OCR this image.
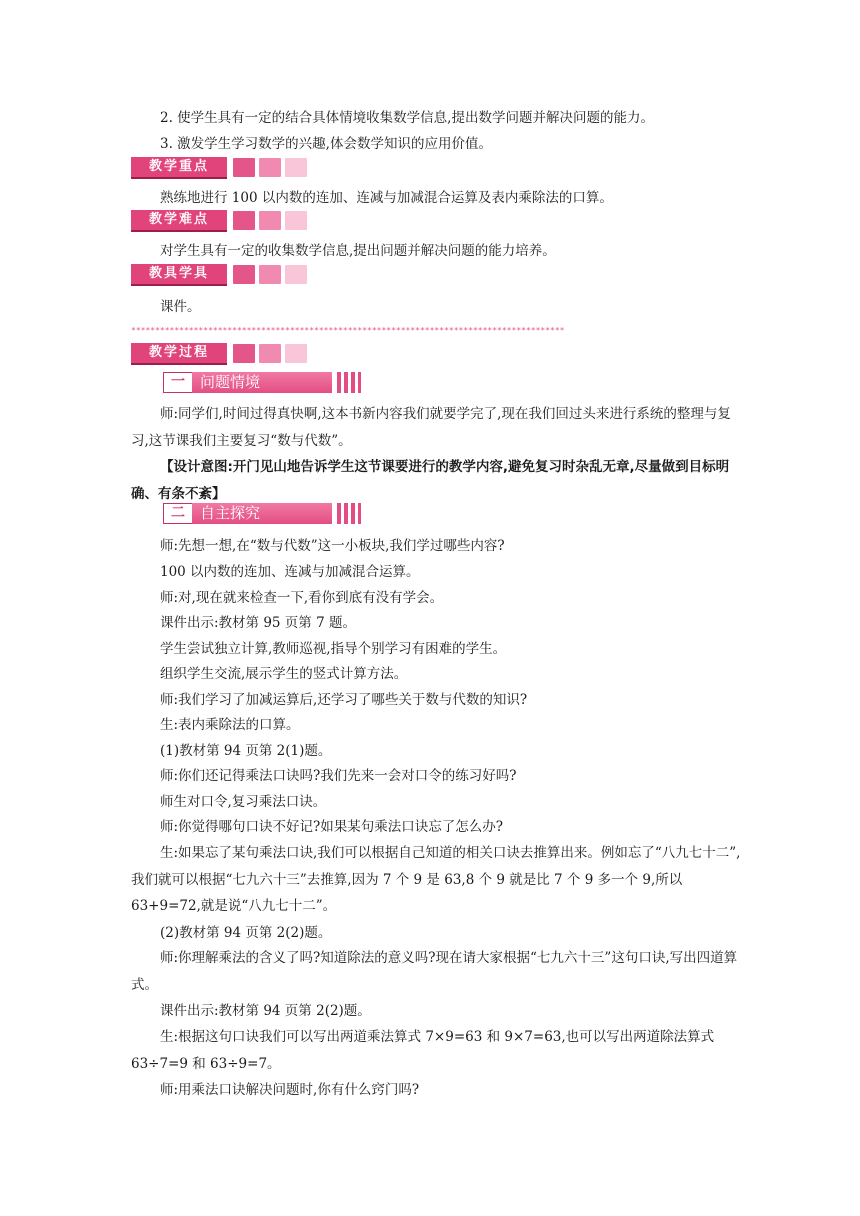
2. 使学生具有一定的结合具体情境收集数学信息,提出数学问题并解决问题的能力。
3. 激发学生学习数学的兴趣,体会数学知识的应用价值。
教学重点
熟练地进行 100 以内数的连加、连减与加减混合运算及表内乘除法的口算。
教学难点
对学生具有一定的收集数学信息,提出问题并解决问题的能力培养。
教具学具
课件。
******************************************************************************************
教学过程
一	问题情境
师:同学们,时间过得真快啊,这本书新内容我们就要学完了,现在我们回过头来进行系统的整理与复习,这节课我们主要复习“数与代数”。
【设计意图:开门见山地告诉学生这节课要进行的教学内容,避免复习时杂乱无章,尽量做到目标明确、有条不紊】
二	自主探究
师:先想一想,在“数与代数”这一小板块,我们学过哪些内容?
100 以内数的连加、连减与加减混合运算。
师:对,现在就来检查一下,看你到底有没有学会。
课件出示:教材第 95 页第 7 题。
学生尝试独立计算,教师巡视,指导个别学习有困难的学生。
组织学生交流,展示学生的竖式计算方法。
师:我们学习了加减运算后,还学习了哪些关于数与代数的知识?
生:表内乘除法的口算。
(1)教材第 94 页第 2(1)题。
师:你们还记得乘法口诀吗?我们先来一会对口令的练习好吗?
师生对口令,复习乘法口诀。
师:你觉得哪句口诀不好记?如果某句乘法口诀忘了怎么办?
生:如果忘了某句乘法口诀,我们可以根据自己知道的相关口诀去推算出来。例如忘了“八九七十二”,我们就可以根据“七九六十三”去推算,因为 7 个 9 是 63,8 个 9 就是比 7 个 9 多一个 9,所以 63+9=72,就是说“八九七十二”。
(2)教材第 94 页第 2(2)题。
师:你理解乘法的含义了吗?知道除法的意义吗?现在请大家根据“七九六十三”这句口诀,写出四道算式。
课件出示:教材第 94 页第 2(2)题。
生:根据这句口诀我们可以写出两道乘法算式 7×9=63 和 9×7=63,也可以写出两道除法算式 63÷7=9 和 63÷9=7。
师:用乘法口诀解决问题时,你有什么窍门吗?
